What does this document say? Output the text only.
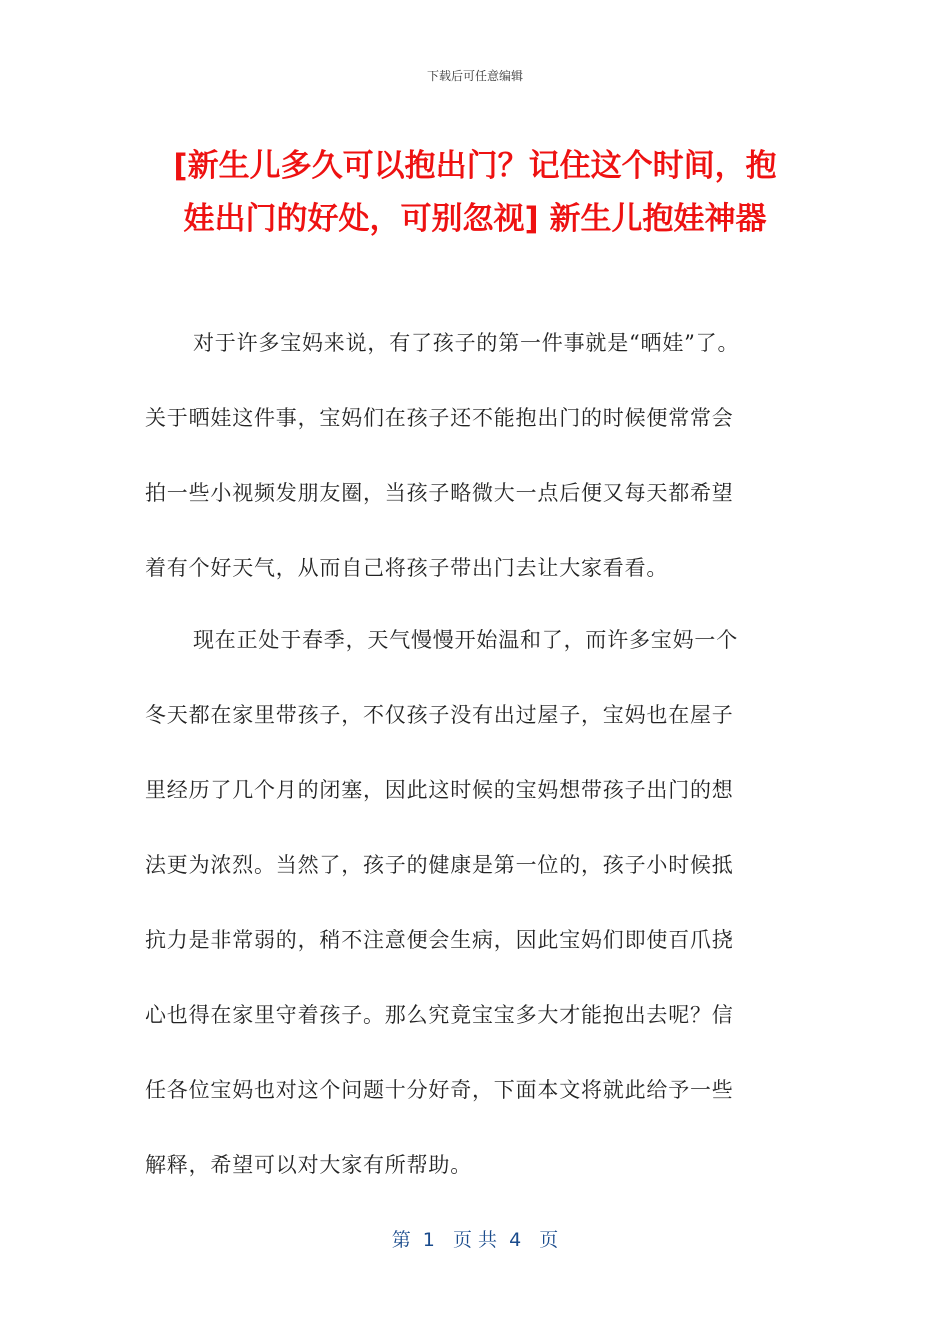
下载后可任意编辑
[新生儿多久可以抱出门？记住这个时间，抱
娃出门的好处，可别忽视] 新生儿抱娃神器
对于许多宝妈来说，有了孩子的第一件事就是“晒娃”了。
关于晒娃这件事，宝妈们在孩子还不能抱出门的时候便常常会
拍一些小视频发朋友圈，当孩子略微大一点后便又每天都希望
着有个好天气，从而自己将孩子带出门去让大家看看。
现在正处于春季，天气慢慢开始温和了，而许多宝妈一个
冬天都在家里带孩子，不仅孩子没有出过屋子，宝妈也在屋子
里经历了几个月的闭塞，因此这时候的宝妈想带孩子出门的想
法更为浓烈。当然了，孩子的健康是第一位的，孩子小时候抵
抗力是非常弱的，稍不注意便会生病，因此宝妈们即使百爪挠
心也得在家里守着孩子。那么究竟宝宝多大才能抱出去呢？信
任各位宝妈也对这个问题十分好奇，下面本文将就此给予一些
解释，希望可以对大家有所帮助。
第  1   页 共  4   页
